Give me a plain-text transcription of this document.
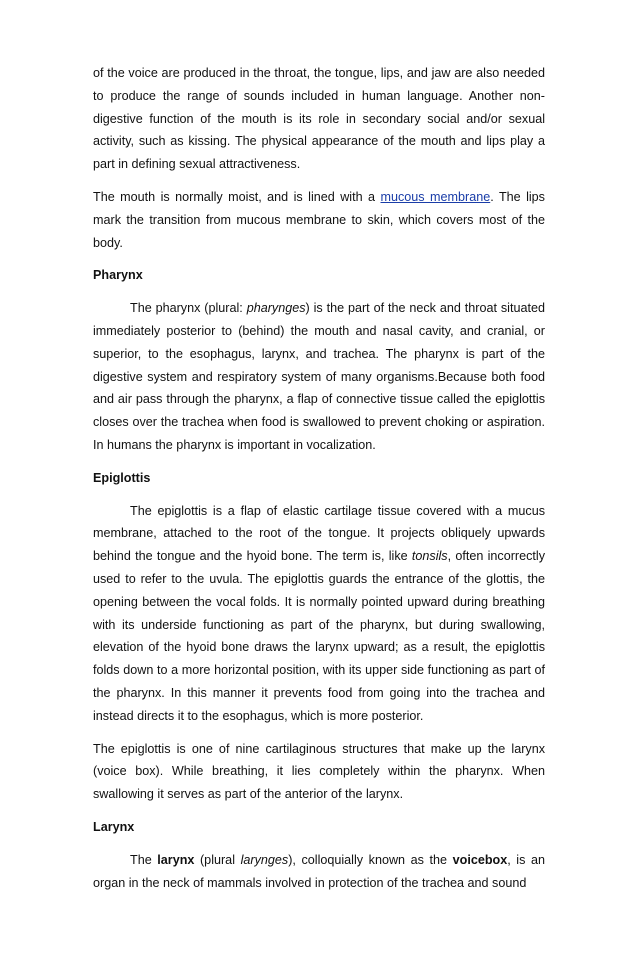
of the voice are produced in the throat, the tongue, lips, and jaw are also needed to produce the range of sounds included in human language. Another non-digestive function of the mouth is its role in secondary social and/or sexual activity, such as kissing. The physical appearance of the mouth and lips play a part in defining sexual attractiveness.

The mouth is normally moist, and is lined with a mucous membrane. The lips mark the transition from mucous membrane to skin, which covers most of the body.

Pharynx

The pharynx (plural: pharynges) is the part of the neck and throat situated immediately posterior to (behind) the mouth and nasal cavity, and cranial, or superior, to the esophagus, larynx, and trachea. The pharynx is part of the digestive system and respiratory system of many organisms.Because both food and air pass through the pharynx, a flap of connective tissue called the epiglottis closes over the trachea when food is swallowed to prevent choking or aspiration. In humans the pharynx is important in vocalization.

Epiglottis

The epiglottis is a flap of elastic cartilage tissue covered with a mucus membrane, attached to the root of the tongue. It projects obliquely upwards behind the tongue and the hyoid bone. The term is, like tonsils, often incorrectly used to refer to the uvula. The epiglottis guards the entrance of the glottis, the opening between the vocal folds. It is normally pointed upward during breathing with its underside functioning as part of the pharynx, but during swallowing, elevation of the hyoid bone draws the larynx upward; as a result, the epiglottis folds down to a more horizontal position, with its upper side functioning as part of the pharynx. In this manner it prevents food from going into the trachea and instead directs it to the esophagus, which is more posterior.

The epiglottis is one of nine cartilaginous structures that make up the larynx (voice box). While breathing, it lies completely within the pharynx. When swallowing it serves as part of the anterior of the larynx.

Larynx

The larynx (plural larynges), colloquially known as the voicebox, is an organ in the neck of mammals involved in protection of the trachea and sound
